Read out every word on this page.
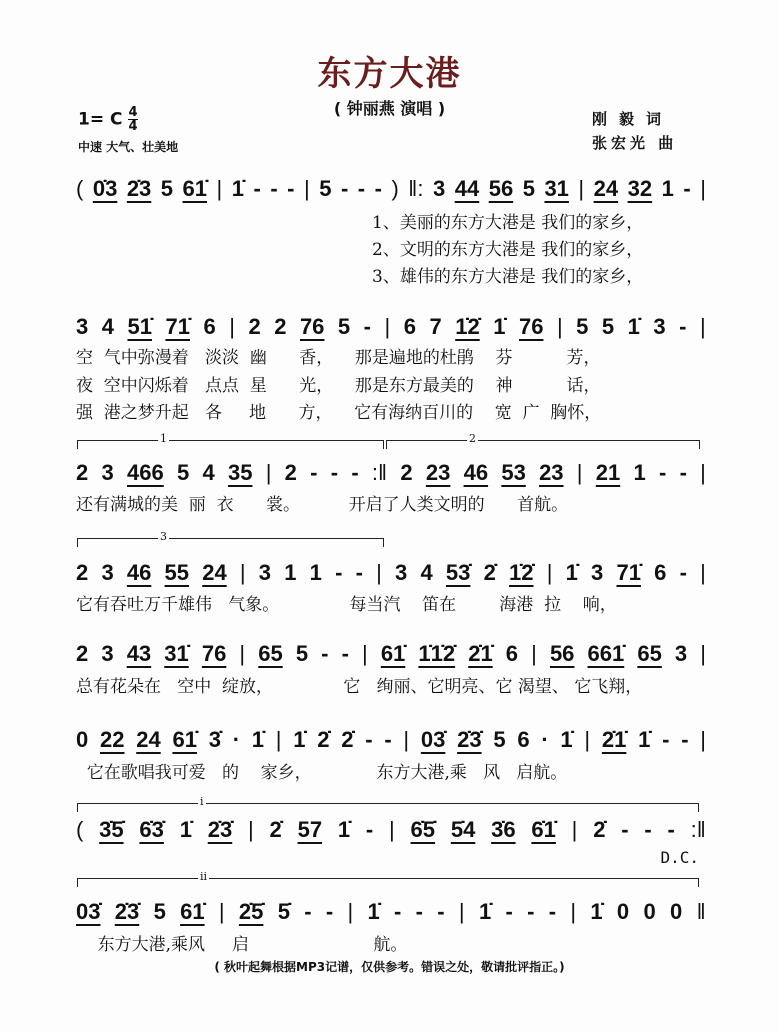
东方大港
( 钟丽燕 演唱 )
1= C $\frac{4}{4}$
中速 大气、壮美地
刚毅词
张宏光 曲
1	2
3
i
ii
( 0̇3 2̇3 5 61̇ | 1̇ - - - | 5 - - - ) ‖: 3 44 56 5 31 | 24 32 1 - |
1、美丽的东方大港是 我们的家乡，
2、文明的东方大港是 我们的家乡，
3、雄伟的东方大港是 我们的家乡，
3 4 51̇ 71̇ 6 | 2 2 76 5 - | 6 7 1̇2̇ 1̇ 76 | 5 5 1̇ 3 - |
空  气中弥漫着   淡淡  幽      香，    那是遍地的杜鹃    芬          芳，
夜  空中闪烁着   点点  星      光，    那是东方最美的    神          话，
强  港之梦升起   各     地      方，    它有海纳百川的    宽  广  胸怀，
2 3 466 5 4 35 | 2 - - - :‖ 2 23 46 53 23 | 21 1 - - |
还有满城的美  丽  衣      裳。         开启了人类文明的      首航。
2 3 46 55 24 | 3 1 1 - - | 3 4 53̇ 2̇ 1̇2̇ | 1̇ 3 71̇ 6 - |
它有吞吐万千雄伟   气象。             每当汽    笛在        海港  拉    响，
2 3 43 31̇ 76 | 65 5 - - | 61̇ 1̇1̇2̇ 2̇1̇ 6 | 56 661̇ 65 3 |
总有花朵在   空中  绽放，             它   绚丽、它明亮、它 渴望、 它飞翔，
0 22 24 61̇ 3̇ · 1̇ | 1̇ 2̇ 2̇ - - | 03̇ 2̇3̇ 5 6 · 1̇ | 2̇1̇ 1̇ - - |
它在歌唱我可爱   的    家乡，            东方大港,乘   风   启航。
( 3̇5̇ 6̇3̇ 1̇ 2̇3̇ | 2̇ 57 1̇ - | 6̇5̇ 5̇4 3̇6 6̇1̇ | 2̇ - - - :‖
03̇ 2̇3̇ 5 61̇ | 2̇5̇ 5̇ - - | 1̇ - - - | 1̇ - - - | 1̇ 0 0 0 ‖
东方大港,乘风     启                       航。
D.C.
( 秋叶起舞根据MP3记谱，仅供参考。错误之处，敬请批评指正。)
